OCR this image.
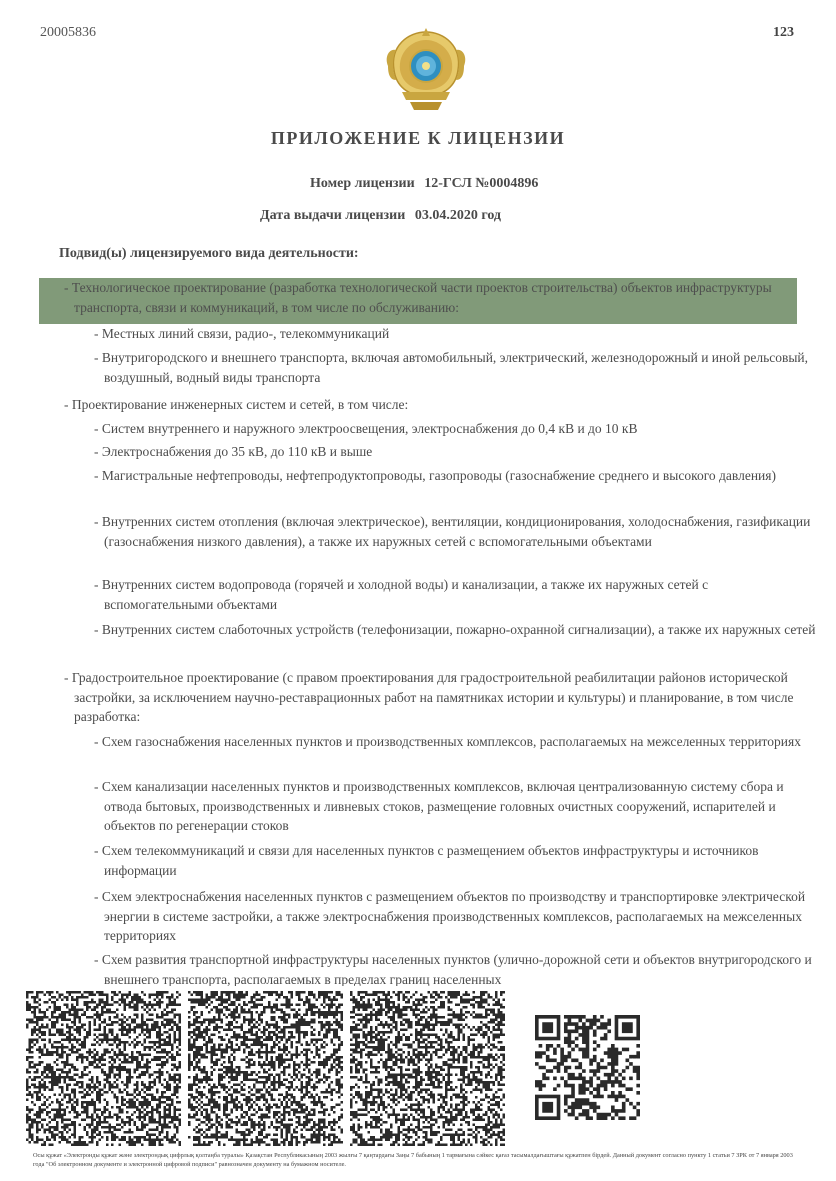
20005836	123
ПРИЛОЖЕНИЕ К ЛИЦЕНЗИИ
Номер лицензии 12-ГСЛ №0004896
Дата выдачи лицензии 03.04.2020 год
Подвид(ы) лицензируемого вида деятельности:
- Технологическое проектирование (разработка технологической части проектов строительства) объектов инфраструктуры транспорта, связи и коммуникаций, в том числе по обслуживанию:
- Местных линий связи, радио-, телекоммуникаций
- Внутригородского и внешнего транспорта, включая автомобильный, электрический, железнодорожный и иной рельсовый, воздушный, водный виды транспорта
- Проектирование инженерных систем и сетей, в том числе:
- Систем внутреннего и наружного электроосвещения, электроснабжения до 0,4 кВ и до 10 кВ
- Электроснабжения до 35 кВ, до 110 кВ и выше
- Магистральные нефтепроводы, нефтепродуктопроводы, газопроводы (газоснабжение среднего и высокого давления)
- Внутренних систем отопления (включая электрическое), вентиляции, кондиционирования, холодоснабжения, газификации (газоснабжения низкого давления), а также их наружных сетей с вспомогательными объектами
- Внутренних систем водопровода (горячей и холодной воды) и канализации, а также их наружных сетей с вспомогательными объектами
- Внутренних систем слаботочных устройств (телефонизации, пожарно-охранной сигнализации), а также их наружных сетей
- Градостроительное проектирование (с правом проектирования для градостроительной реабилитации районов исторической застройки, за исключением научно-реставрационных работ на памятниках истории и культуры) и планирование, в том числе разработка:
- Схем газоснабжения населенных пунктов и производственных комплексов, располагаемых на межселенных территориях
- Схем канализации населенных пунктов и производственных комплексов, включая централизованную систему сбора и отвода бытовых, производственных и ливневых стоков, размещение головных очистных сооружений, испарителей и объектов по регенерации стоков
- Схем телекоммуникаций и связи для населенных пунктов с размещением объектов инфраструктуры и источников информации
- Схем электроснабжения населенных пунктов с размещением объектов по производству и транспортировке электрической энергии в системе застройки, а также электроснабжения производственных комплексов, располагаемых на межселенных территориях
- Схем развития транспортной инфраструктуры населенных пунктов (улично-дорожной сети и объектов внутригородского и внешнего транспорта, располагаемых в пределах границ населенных
Осы құжат «Электронды құжат және электрондық цифрлық қолтаңба туралы» Қазақстан Республикасының 2003 жылғы 7 қаңтардағы Заңы 7 бабының 1 тармағына сәйкес қағаз тасымалдағыштағы құжатпен бірдей. Данный документ согласно пункту 1 статьи 7 ЗРК от 7 января 2003 года "Об электронном документе и электронной цифровой подписи" равнозначен документу на бумажном носителе.
